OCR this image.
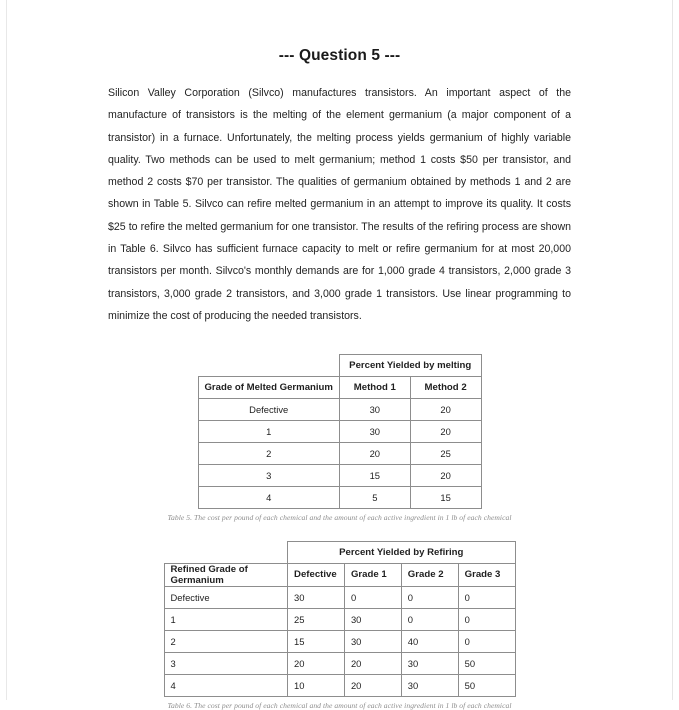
--- Question 5 ---

Silicon Valley Corporation (Silvco) manufactures transistors. An important aspect of the manufacture of transistors is the melting of the element germanium (a major component of a transistor) in a furnace. Unfortunately, the melting process yields germanium of highly variable quality. Two methods can be used to melt germanium; method 1 costs $50 per transistor, and method 2 costs $70 per transistor. The qualities of germanium obtained by methods 1 and 2 are shown in Table 5. Silvco can refire melted germanium in an attempt to improve its quality. It costs $25 to refire the melted germanium for one transistor. The results of the refiring process are shown in Table 6. Silvco has sufficient furnace capacity to melt or refire germanium for at most 20,000 transistors per month. Silvco's monthly demands are for 1,000 grade 4 transistors, 2,000 grade 3 transistors, 3,000 grade 2 transistors, and 3,000 grade 1 transistors. Use linear programming to minimize the cost of producing the needed transistors.

	Percent Yielded by melting	
Grade of Melted Germanium	Method 1	Method 2
Defective	30	20
1	30	20
2	20	25
3	15	20
4	5	15
Table 5. The cost per pound of each chemical and the amount of each active ingredient in 1 lb of each chemical
	Percent Yielded by Refiring			
Refined Grade of Germanium	Defective	Grade 1	Grade 2	Grade 3
Defective	30	0	0	0
1	25	30	0	0
2	15	30	40	0
3	20	20	30	50
4	10	20	30	50
Table 6. The cost per pound of each chemical and the amount of each active ingredient in 1 lb of each chemical
